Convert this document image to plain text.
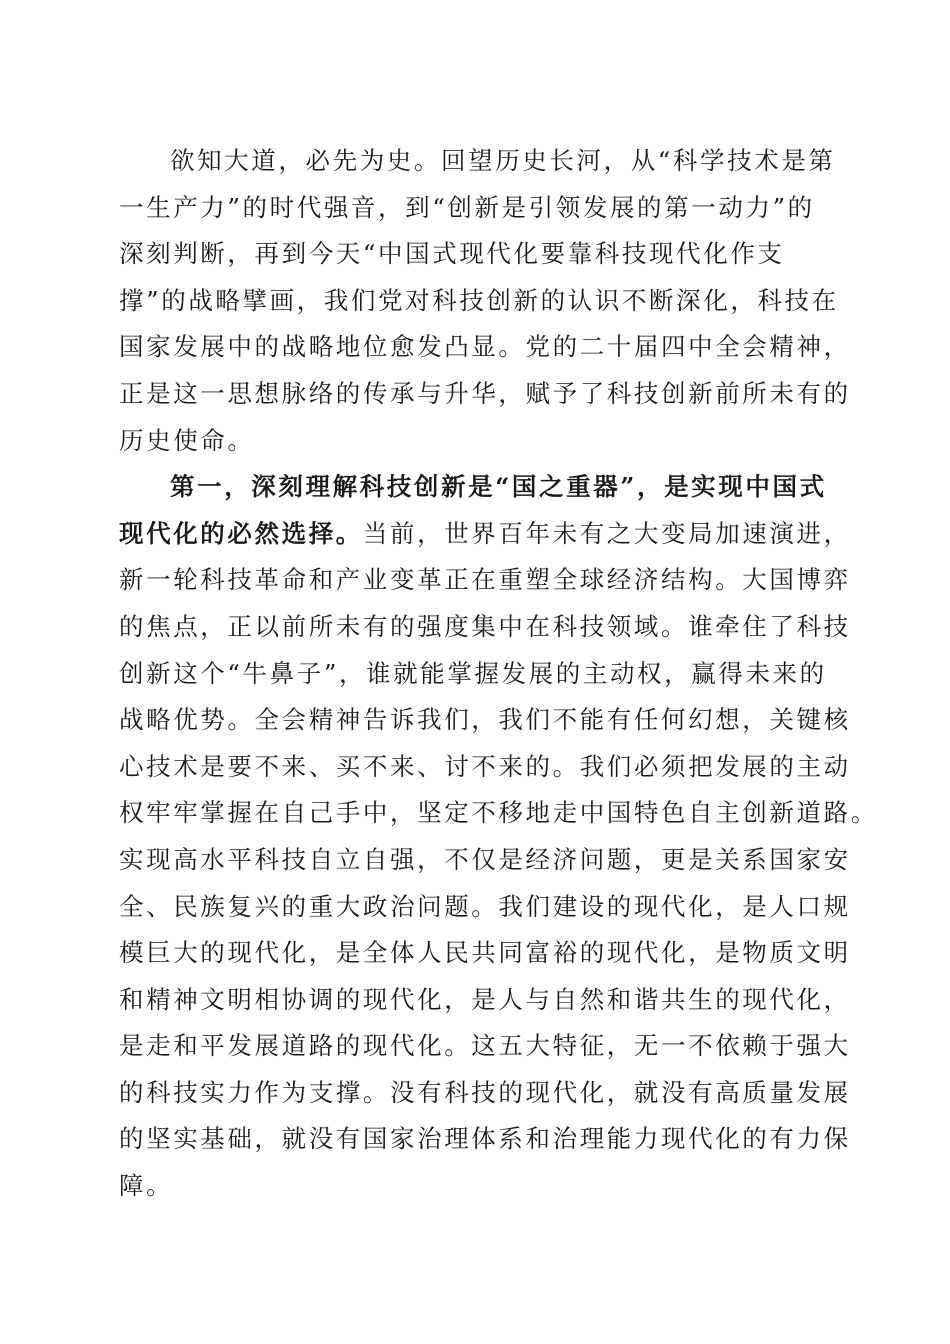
欲知大道，必先为史。回望历史长河，从“科学技术是第
一生产力”的时代强音，到“创新是引领发展的第一动力”的
深刻判断，再到今天“中国式现代化要靠科技现代化作支
撑”的战略擘画，我们党对科技创新的认识不断深化，科技在
国家发展中的战略地位愈发凸显。党的二十届四中全会精神，
正是这一思想脉络的传承与升华，赋予了科技创新前所未有的
历史使命。
第一，深刻理解科技创新是“国之重器”，是实现中国式
现代化的必然选择。当前，世界百年未有之大变局加速演进，
新一轮科技革命和产业变革正在重塑全球经济结构。大国博弈
的焦点，正以前所未有的强度集中在科技领域。谁牵住了科技
创新这个“牛鼻子”，谁就能掌握发展的主动权，赢得未来的
战略优势。全会精神告诉我们，我们不能有任何幻想，关键核
心技术是要不来、买不来、讨不来的。我们必须把发展的主动
权牢牢掌握在自己手中，坚定不移地走中国特色自主创新道路。
实现高水平科技自立自强，不仅是经济问题，更是关系国家安
全、民族复兴的重大政治问题。我们建设的现代化，是人口规
模巨大的现代化，是全体人民共同富裕的现代化，是物质文明
和精神文明相协调的现代化，是人与自然和谐共生的现代化，
是走和平发展道路的现代化。这五大特征，无一不依赖于强大
的科技实力作为支撑。没有科技的现代化，就没有高质量发展
的坚实基础，就没有国家治理体系和治理能力现代化的有力保
障。
